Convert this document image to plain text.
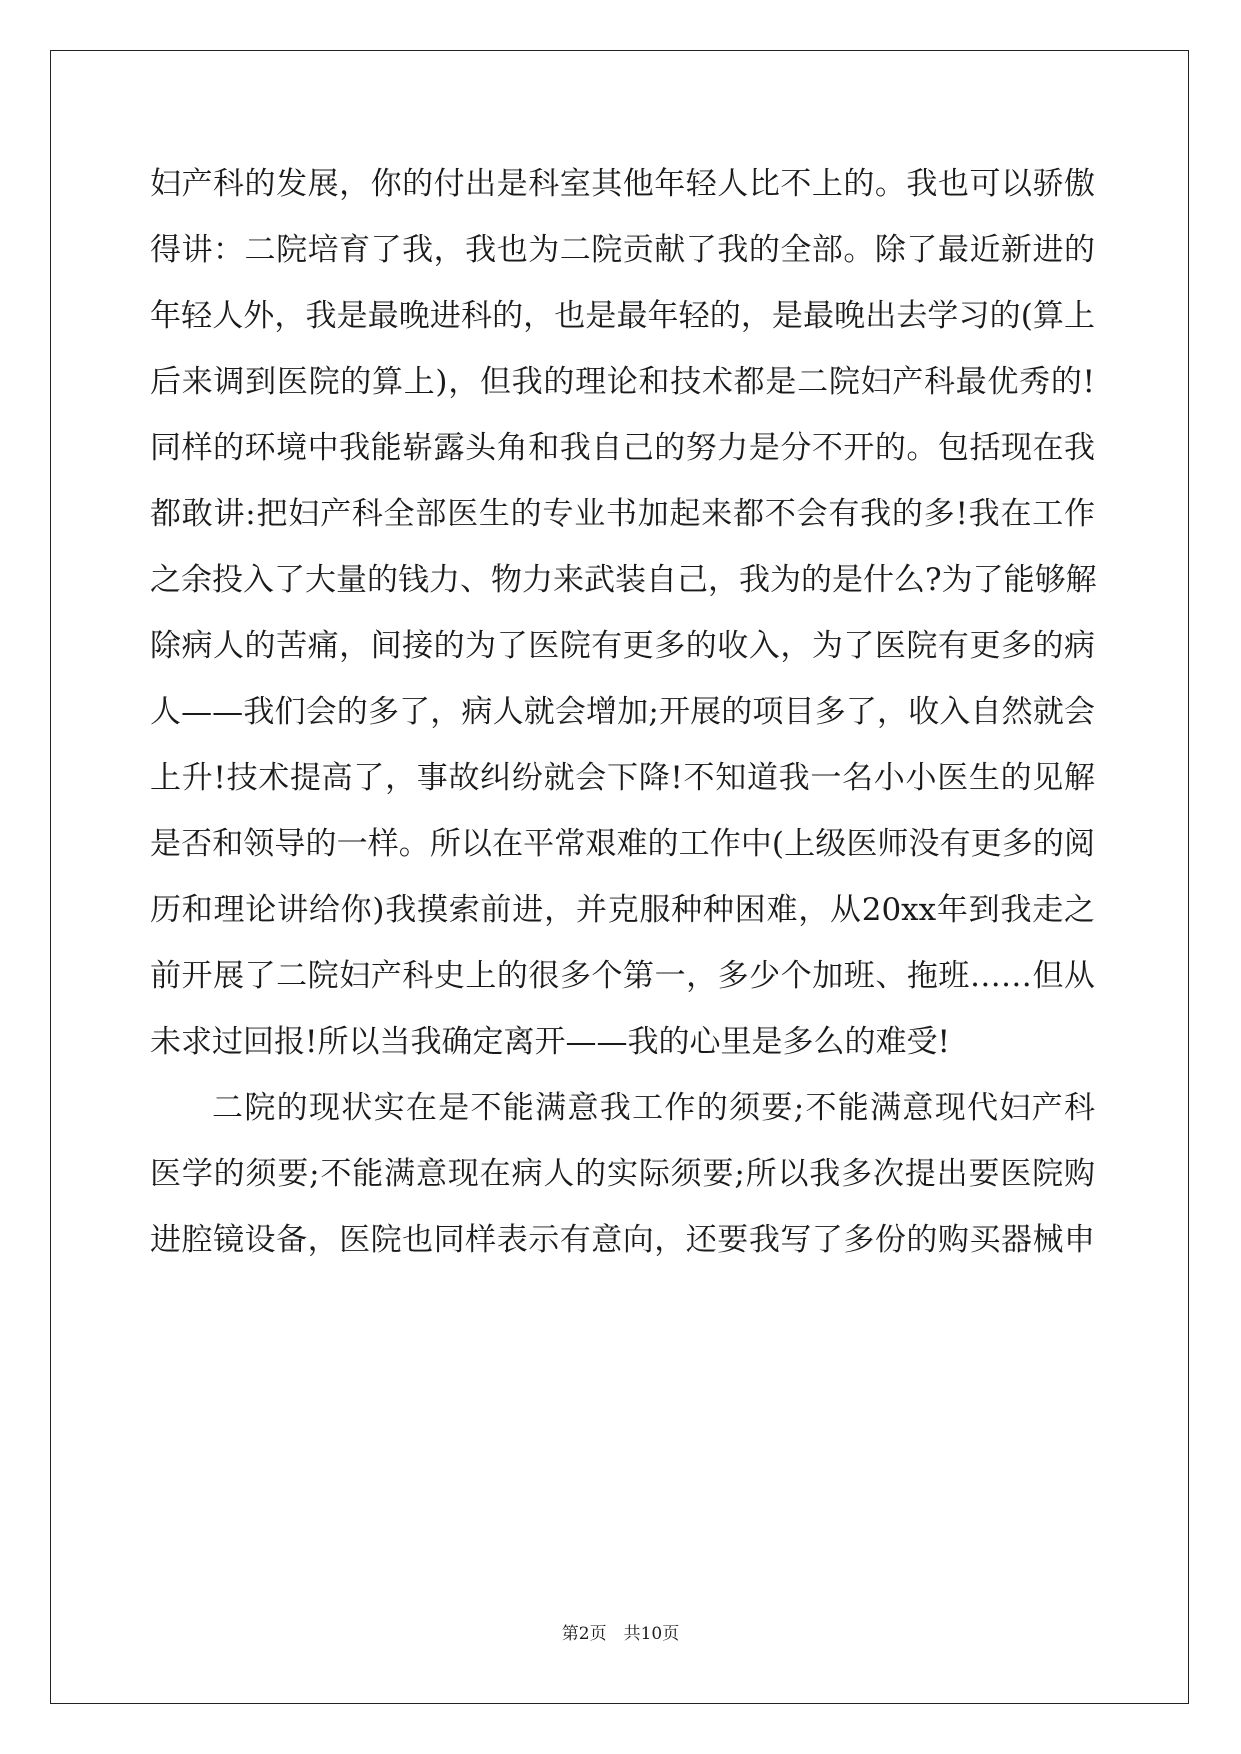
妇产科的发展，你的付出是科室其他年轻人比不上的。我也可以骄傲
得讲：二院培育了我，我也为二院贡献了我的全部。除了最近新进的
年轻人外，我是最晚进科的，也是最年轻的，是最晚出去学习的(算上
后来调到医院的算上)，但我的理论和技术都是二院妇产科最优秀的!
同样的环境中我能崭露头角和我自己的努力是分不开的。包括现在我
都敢讲:把妇产科全部医生的专业书加起来都不会有我的多!我在工作
之余投入了大量的钱力、物力来武装自己，我为的是什么?为了能够解
除病人的苦痛，间接的为了医院有更多的收入，为了医院有更多的病
人——我们会的多了，病人就会增加;开展的项目多了，收入自然就会
上升!技术提高了，事故纠纷就会下降!不知道我一名小小医生的见解
是否和领导的一样。所以在平常艰难的工作中(上级医师没有更多的阅
历和理论讲给你)我摸索前进，并克服种种困难，从20xx年到我走之
前开展了二院妇产科史上的很多个第一，多少个加班、拖班……但从
未求过回报!所以当我确定离开——我的心里是多么的难受!
二院的现状实在是不能满意我工作的须要;不能满意现代妇产科
医学的须要;不能满意现在病人的实际须要;所以我多次提出要医院购
进腔镜设备，医院也同样表示有意向，还要我写了多份的购买器械申
第2页　共10页
